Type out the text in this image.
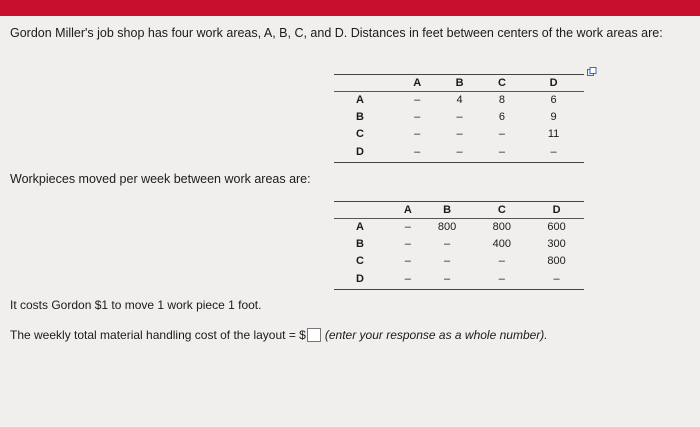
Gordon Miller's job shop has four work areas, A, B, C, and D. Distances in feet between centers of the work areas are:
	A	B	C	D
A	–	4	8	6
B	–	–	6	9
C	–	–	–	11
D	–	–	–	–
Workpieces moved per week between work areas are:
	A	B	C	D
A	–	800	800	600
B	–	–	400	300
C	–	–	–	800
D	–	–	–	–
It costs Gordon $1 to move 1 work piece 1 foot.
The weekly total material handling cost of the layout = $ (enter your response as a whole number).
